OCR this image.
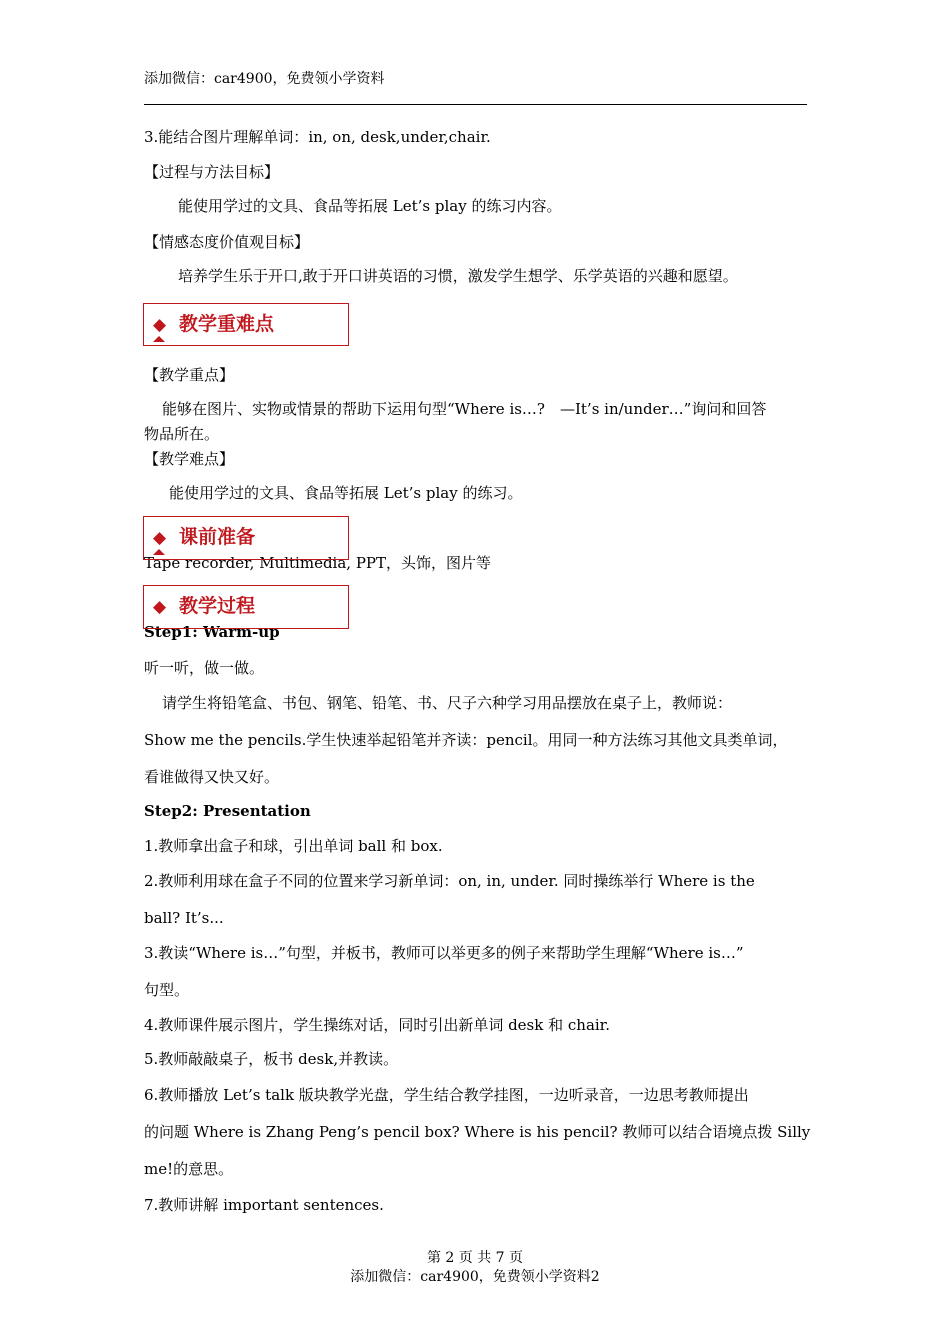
添加微信：car4900，免费领小学资料
3.能结合图片理解单词：in, on, desk,under,chair.
【过程与方法目标】
能使用学过的文具、食品等拓展 Let’s play 的练习内容。
【情感态度价值观目标】
培养学生乐于开口,敢于开口讲英语的习惯，激发学生想学、乐学英语的兴趣和愿望。
◆ 教学重难点
【教学重点】
能够在图片、实物或情景的帮助下运用句型“Where is…?　—It’s in/under…”询问和回答
物品所在。
【教学难点】
能使用学过的文具、食品等拓展 Let’s play 的练习。
Tape recorder, Multimedia, PPT，头饰，图片等
◆ 课前准备
Step1: Warm-up
◆ 教学过程
听一听，做一做。
请学生将铅笔盒、书包、钢笔、铅笔、书、尺子六种学习用品摆放在桌子上，教师说：
Show me the pencils.学生快速举起铅笔并齐读：pencil。用同一种方法练习其他文具类单词，
看谁做得又快又好。
Step2: Presentation
1.教师拿出盒子和球，引出单词 ball 和 box.
2.教师利用球在盒子不同的位置来学习新单词：on, in, under. 同时操练举行 Where is the
ball? It’s...
3.教读“Where is…”句型，并板书，教师可以举更多的例子来帮助学生理解“Where is…”
句型。
4.教师课件展示图片，学生操练对话，同时引出新单词 desk 和 chair.
5.教师敲敲桌子，板书 desk,并教读。
6.教师播放 Let’s talk 版块教学光盘，学生结合教学挂图，一边听录音，一边思考教师提出
的问题 Where is Zhang Peng’s pencil box? Where is his pencil? 教师可以结合语境点拨 Silly
me!的意思。
7.教师讲解 important sentences.
第 2 页 共 7 页
添加微信：car4900，免费领小学资料2
